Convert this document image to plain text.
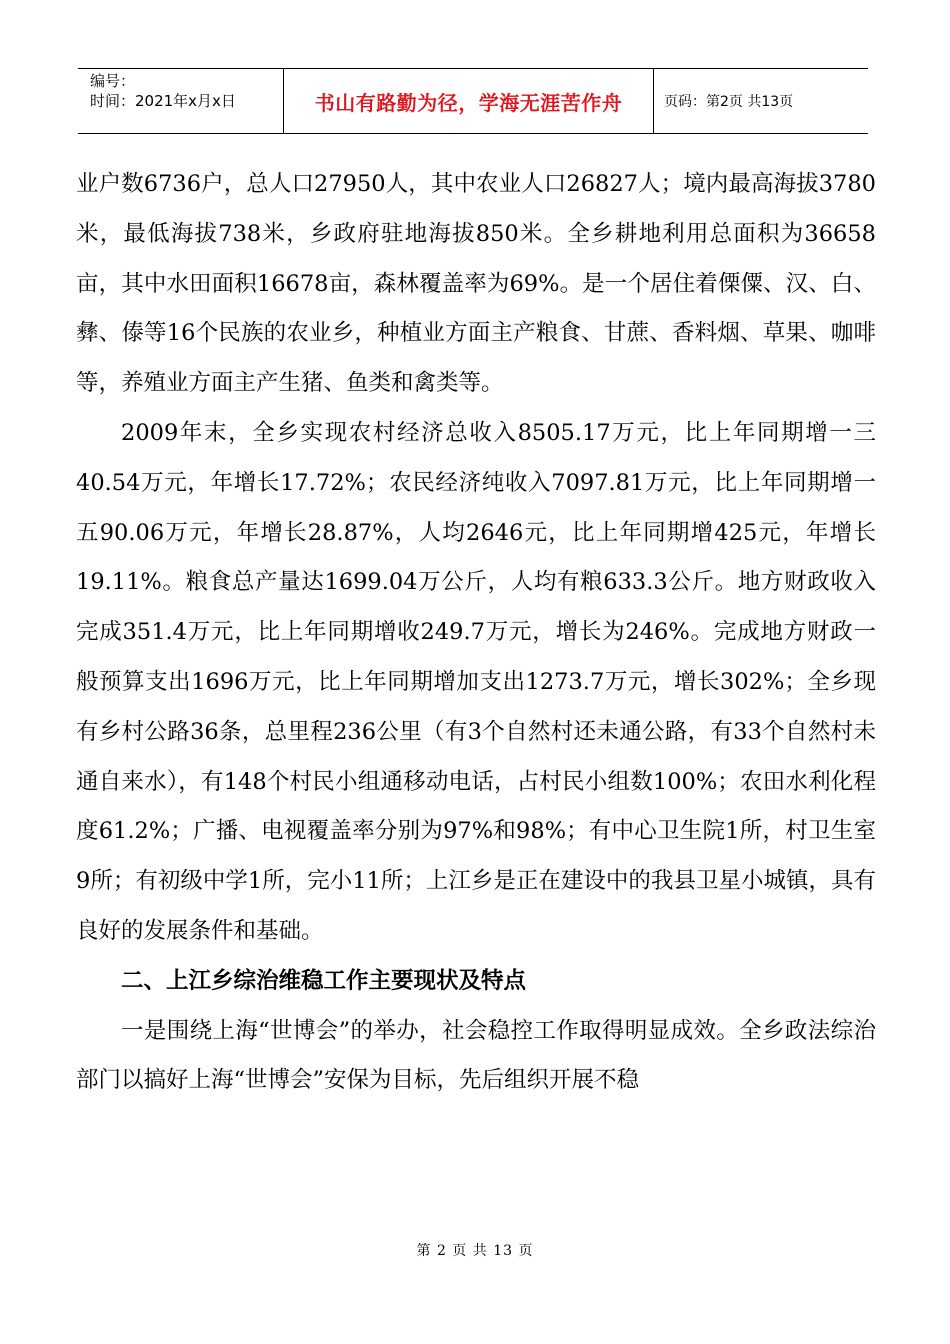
编号：
时间：2021年x月x日	书山有路勤为径，学海无涯苦作舟	页码：第2页 共13页

业户数6736户，总人口27950人，其中农业人口26827人；境内最高海拔3780米，最低海拔738米，乡政府驻地海拔850米。全乡耕地利用总面积为36658亩，其中水田面积16678亩，森林覆盖率为69%。是一个居住着傈僳、汉、白、彝、傣等16个民族的农业乡，种植业方面主产粮食、甘蔗、香料烟、草果、咖啡等，养殖业方面主产生猪、鱼类和禽类等。

2009年末，全乡实现农村经济总收入8505.17万元，比上年同期增一三40.54万元，年增长17.72%；农民经济纯收入7097.81万元，比上年同期增一五90.06万元，年增长28.87%，人均2646元，比上年同期增425元，年增长19.11%。粮食总产量达1699.04万公斤，人均有粮633.3公斤。地方财政收入完成351.4万元，比上年同期增收249.7万元，增长为246%。完成地方财政一般预算支出1696万元，比上年同期增加支出1273.7万元，增长302%；全乡现有乡村公路36条，总里程236公里（有3个自然村还未通公路，有33个自然村未通自来水），有148个村民小组通移动电话，占村民小组数100%；农田水利化程度61.2%；广播、电视覆盖率分别为97%和98%；有中心卫生院1所，村卫生室9所；有初级中学1所，完小11所；上江乡是正在建设中的我县卫星小城镇，具有良好的发展条件和基础。

二、上江乡综治维稳工作主要现状及特点

一是围绕上海“世博会”的举办，社会稳控工作取得明显成效。全乡政法综治部门以搞好上海“世博会”安保为目标，先后组织开展不稳

第 2 页 共 13 页
